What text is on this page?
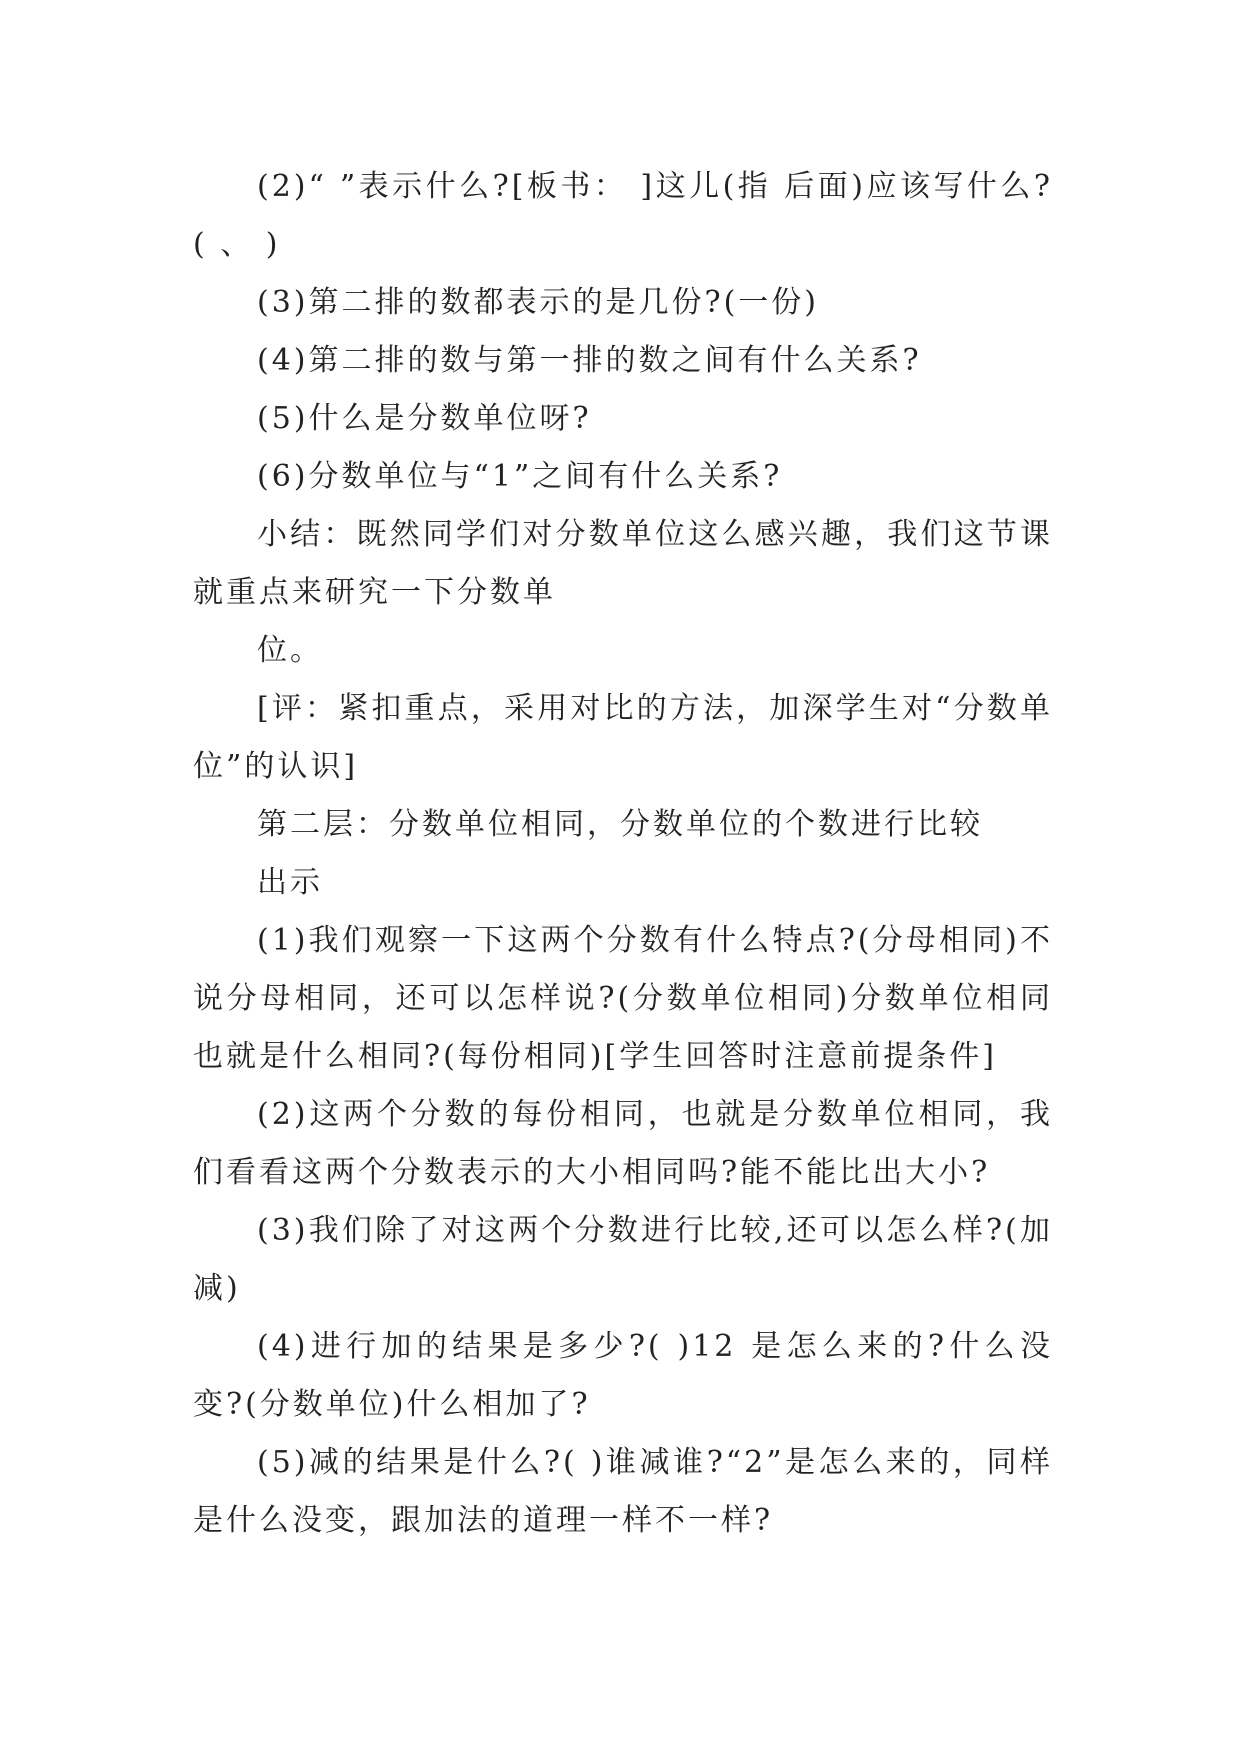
(2)“ ”表示什么?[板书： ]这儿(指 后面)应该写什么?( 、 )

(3)第二排的数都表示的是几份?(一份)

(4)第二排的数与第一排的数之间有什么关系?

(5)什么是分数单位呀?

(6)分数单位与“1”之间有什么关系?

小结：既然同学们对分数单位这么感兴趣，我们这节课就重点来研究一下分数单

位。

[评：紧扣重点，采用对比的方法，加深学生对“分数单位”的认识]

第二层：分数单位相同，分数单位的个数进行比较

出示

(1)我们观察一下这两个分数有什么特点?(分母相同)不说分母相同，还可以怎样说?(分数单位相同)分数单位相同也就是什么相同?(每份相同)[学生回答时注意前提条件]

(2)这两个分数的每份相同，也就是分数单位相同，我们看看这两个分数表示的大小相同吗?能不能比出大小?

(3)我们除了对这两个分数进行比较,还可以怎么样?(加减)

(4)进行加的结果是多少?( )12 是怎么来的?什么没变?(分数单位)什么相加了?

(5)减的结果是什么?( )谁减谁?“2”是怎么来的，同样是什么没变，跟加法的道理一样不一样?
